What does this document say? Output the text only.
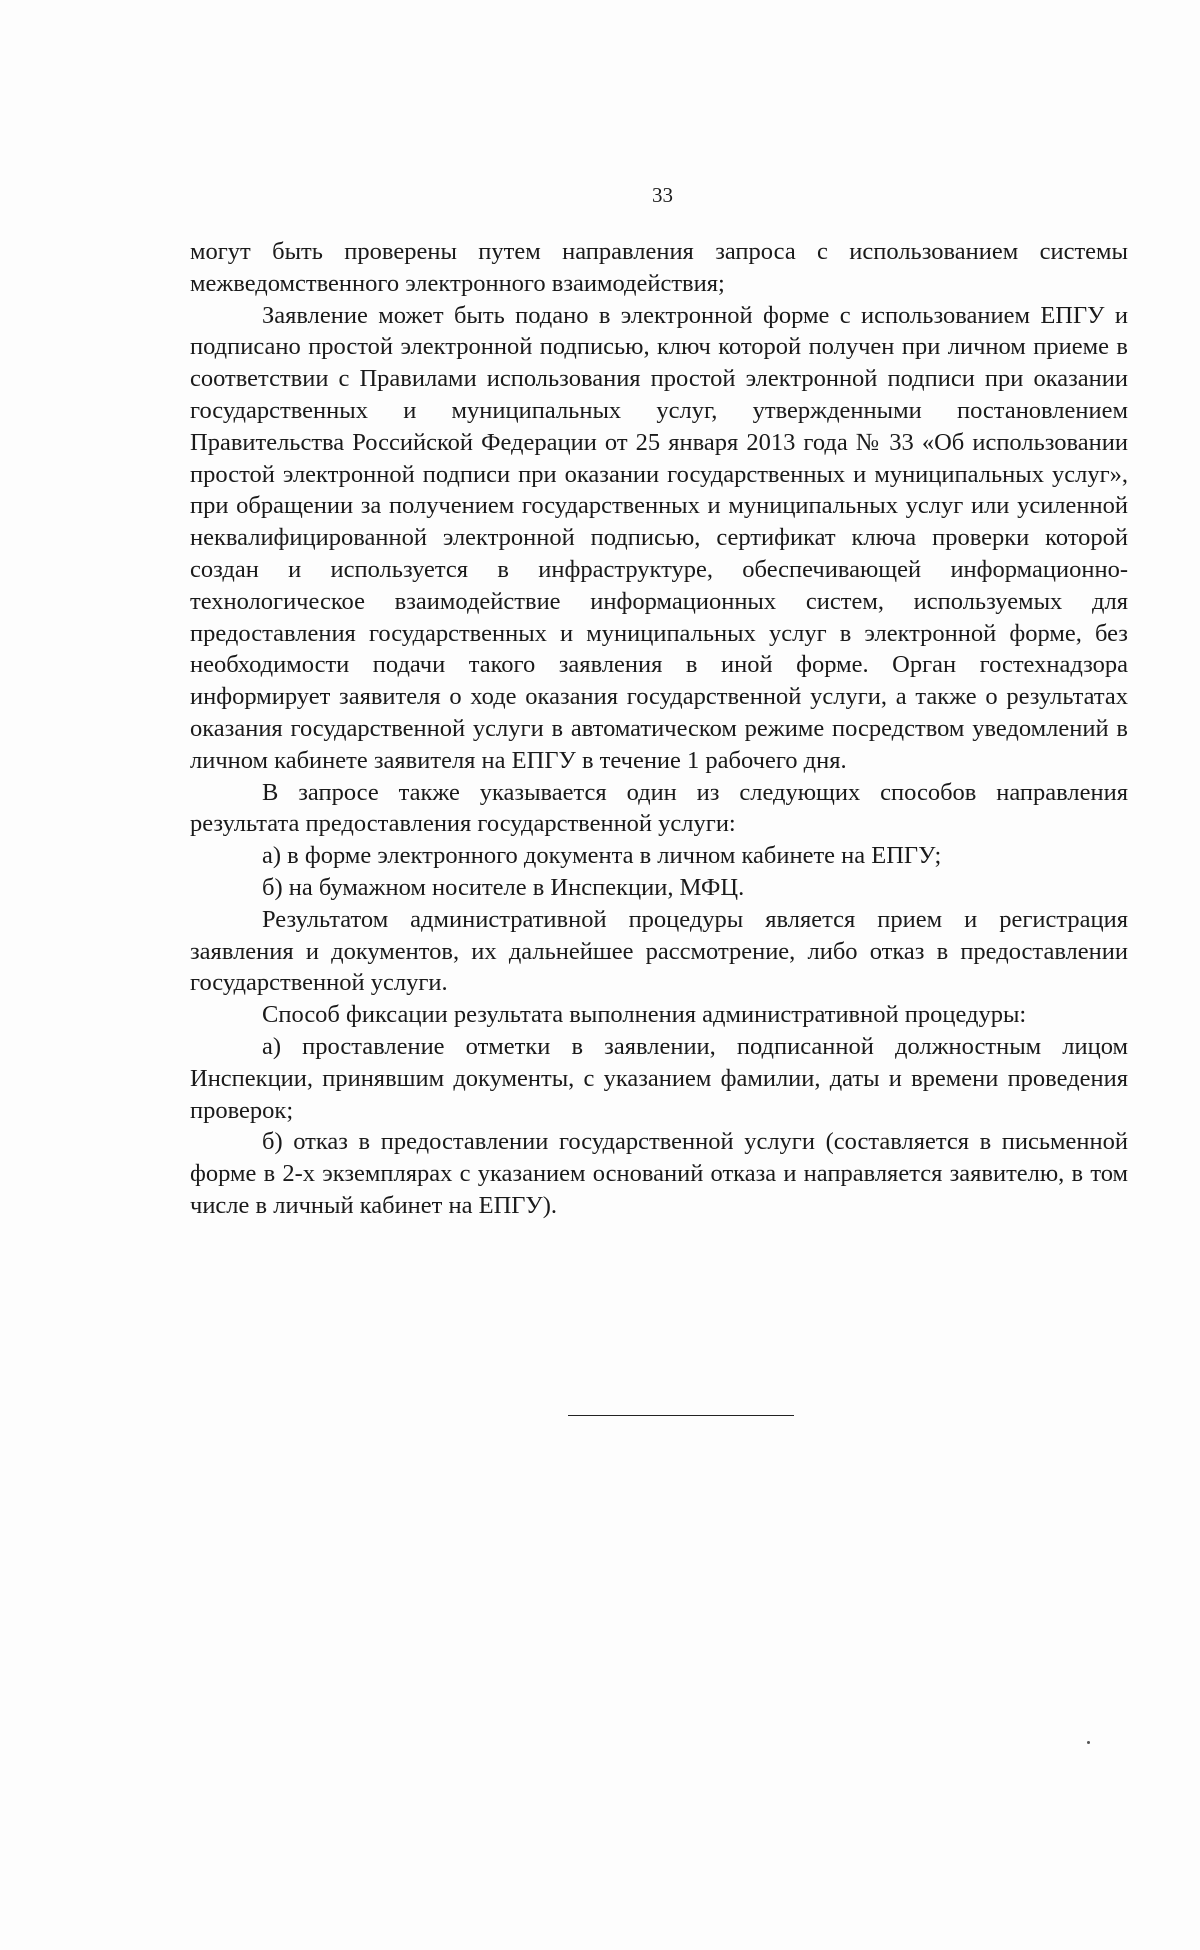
33

могут быть проверены путем направления запроса с использованием системы межведомственного электронного взаимодействия;

Заявление может быть подано в электронной форме с использованием ЕПГУ и подписано простой электронной подписью, ключ которой получен при личном приеме в соответствии с Правилами использования простой электронной подписи при оказании государственных и муниципальных услуг, утвержденными постановлением Правительства Российской Федерации от 25 января 2013 года № 33 «Об использовании простой электронной подписи при оказании государственных и муниципальных услуг», при обращении за получением государственных и муниципальных услуг или усиленной неквалифицированной электронной подписью, сертификат ключа проверки которой создан и используется в инфраструктуре, обеспечивающей информационно-технологическое взаимодействие информационных систем, используемых для предоставления государственных и муниципальных услуг в электронной форме, без необходимости подачи такого заявления в иной форме. Орган гостехнадзора информирует заявителя о ходе оказания государственной услуги, а также о результатах оказания государственной услуги в автоматическом режиме посредством уведомлений в личном кабинете заявителя на ЕПГУ в течение 1 рабочего дня.

В запросе также указывается один из следующих способов направления результата предоставления государственной услуги:

а) в форме электронного документа в личном кабинете на ЕПГУ;

б) на бумажном носителе в Инспекции, МФЦ.

Результатом административной процедуры является прием и регистрация заявления и документов, их дальнейшее рассмотрение, либо отказ в предоставлении государственной услуги.

Способ фиксации результата выполнения административной процедуры:

а) проставление отметки в заявлении, подписанной должностным лицом Инспекции, принявшим документы, с указанием фамилии, даты и времени проведения проверок;

б) отказ в предоставлении государственной услуги (составляется в письменной форме в 2-х экземплярах с указанием оснований отказа и направляется заявителю, в том числе в личный кабинет на ЕПГУ).
